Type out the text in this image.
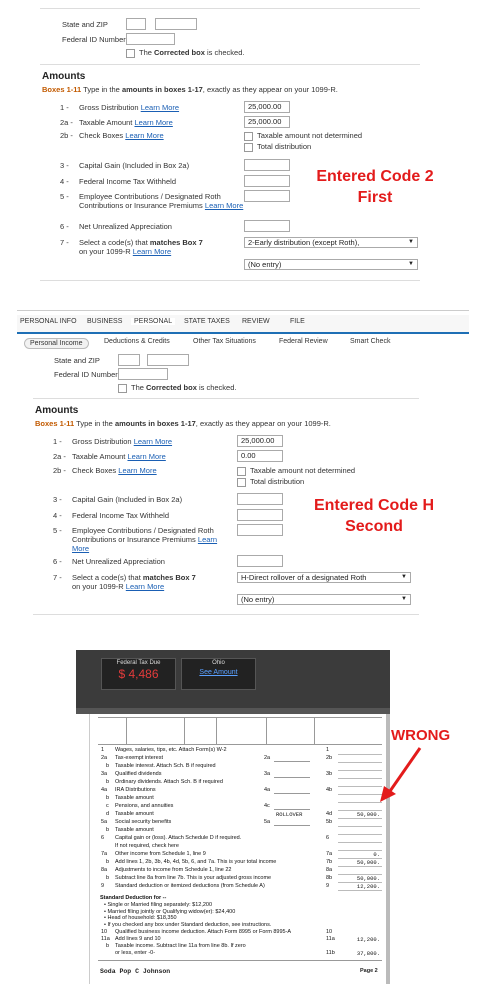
State and ZIP
Federal ID Number
The Corrected box is checked.
Amounts
Boxes 1-11 Type in the amounts in boxes 1-17, exactly as they appear on your 1099-R.
1 - Gross Distribution Learn More	25,000.00
2a - Taxable Amount Learn More	25,000.00
2b - Check Boxes Learn More	Taxable amount not determined
Total distribution
3 - Capital Gain (Included in Box 2a)
4 - Federal Income Tax Withheld
5 - Employee Contributions / Designated Roth
Contributions or Insurance Premiums Learn More
6 - Net Unrealized Appreciation
7 - Select a code(s) that matches Box 7
on your 1099-R Learn More
2-Early distribution (except Roth),	▼
(No entry)	▼
Entered Code 2
First
PERSONAL INFO BUSINESS	PERSONAL	STATE TAXES REVIEW	FILE
Personal Income	Deductions & Credits	Other Tax Situations	Federal Review	Smart Check
State and ZIP
Federal ID Number
The Corrected box is checked.
Amounts
Boxes 1-11 Type in the amounts in boxes 1-17, exactly as they appear on your 1099-R.
1 - Gross Distribution Learn More	25,000.00
2a - Taxable Amount Learn More	0.00
2b - Check Boxes Learn More	Taxable amount not determined
Total distribution
3 - Capital Gain (Included in Box 2a)
4 - Federal Income Tax Withheld
5 - Employee Contributions / Designated Roth
Contributions or Insurance Premiums Learn
More
6 - Net Unrealized Appreciation
7 - Select a code(s) that matches Box 7
on your 1099-R Learn More
H-Direct rollover of a designated Roth	▼
(No entry)	▼
Entered Code H
Second
Federal Tax Due
$ 4,486
Ohio
See Amount
1 Wages, salaries, tips, etc. Attach Form(s) W-2	1
2a Tax-exempt interest	2a	2b
b Taxable interest. Attach Sch. B if required
3a Qualified dividends	3a	3b
b Ordinary dividends. Attach Sch. B if required
4a IRA Distributions	4a	4b
b Taxable amount
c Pensions, and annuities	4c
d Taxable amount	ROLLOVER	4d	50,000.
5a Social security benefits	5a	5b
b Taxable amount
6 Capital gain or (loss). Attach Schedule D if required.	6
If not required, check here
7a Other income from Schedule 1, line 9	7a	0.
b Add lines 1, 2b, 3b, 4b, 4d, 5b, 6, and 7a. This is your total income	7b	50,000.
8a Adjustments to income from Schedule 1, line 22	8a
b Subtract line 8a from line 7b. This is your adjusted gross income	8b	50,000.
9 Standard deduction or itemized deductions (from Schedule A)	9	12,200.
Standard Deduction for --
• Single or Married filing separately: $12,200
• Married filing jointly or Qualifying widow(er): $24,400
• Head of household: $18,350
• If you checked any box under Standard deduction, see instructions.
10 Qualified business income deduction. Attach Form 8995 or Form 8995-A	10
11a Add lines 9 and 10	11a	12,200.
b Taxable income. Subtract line 11a from line 8b. If zero
or less, enter -0-	11b	37,800.
Soda Pop C Johnson	Page 2
WRONG
